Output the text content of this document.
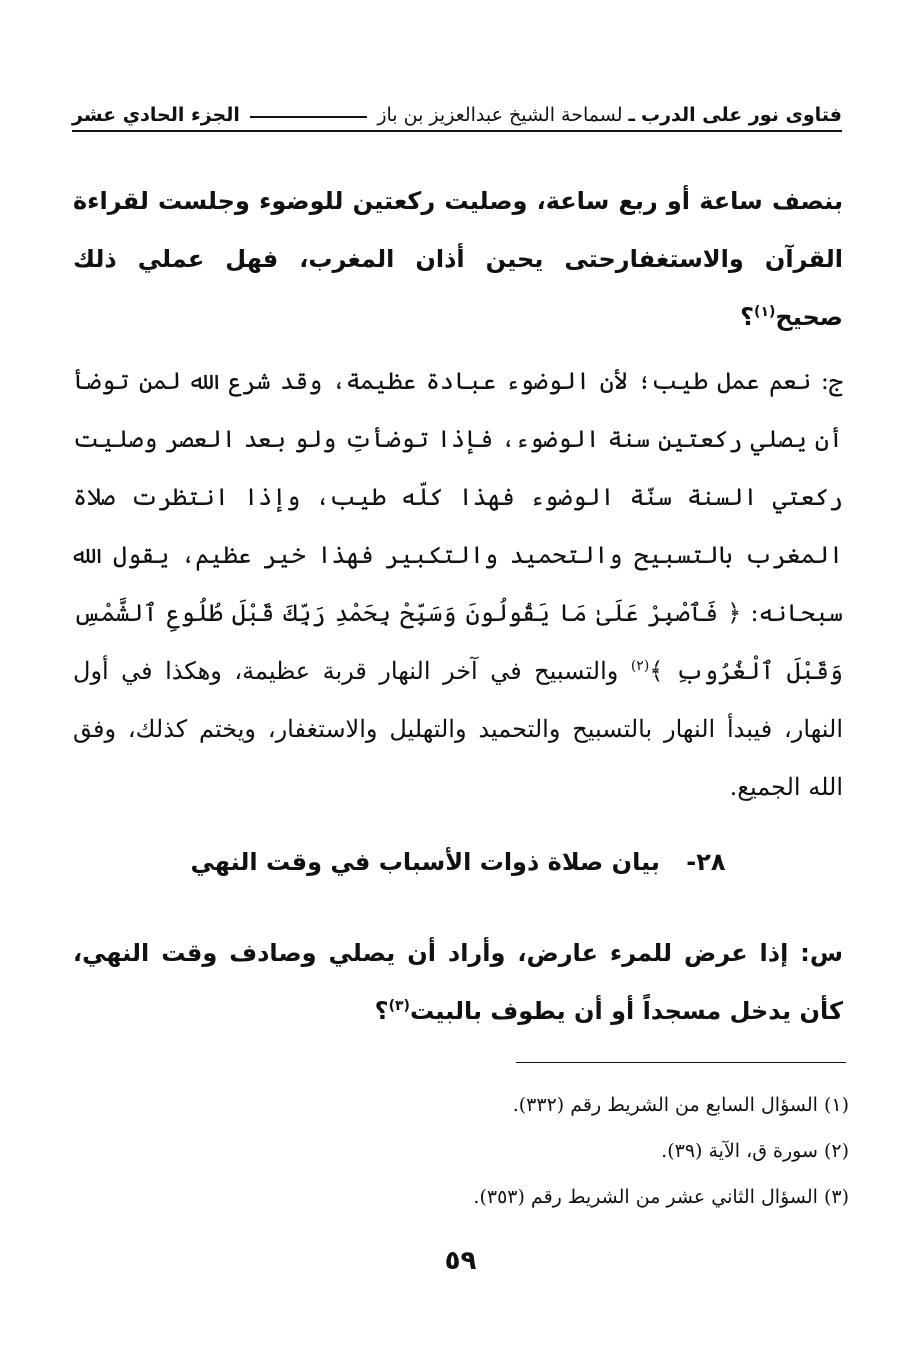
فتاوى نور على الدرب
ـ
لسماحة الشيخ عبدالعزيز بن باز
الجزء الحادي عشر
بنصف ساعة أو ربع ساعة، وصليت ركعتين للوضوء وجلست لقراءة القرآن والاستغفارحتى يحين أذان المغرب، فهل عملي ذلك صحيح$^{(١)}$؟
ج: نعم عمل طيب؛ لأن الوضوء عبادة عظيمة، وقد شرع الله لمن توضأ أن يصلي ركعتين سنة الوضوء، فإذا توضأتِ ولو بعد العصر وصليت ركعتي السنة سنّة الوضوء فهذا كلّه طيب، وإذا انتظرت صلاة المغرب بالتسبيح والتحميد والتكبير فهذا خير عظيم، يقول الله سبحانه: ﴿ فَٱصْبِرْ عَلَىٰ مَا يَقُولُونَ وَسَبِّحْ بِحَمْدِ رَبِّكَ قَبْلَ طُلُوعِ ٱلشَّمْسِ وَقَبْلَ ٱلْغُرُوبِ ﴾$^{(٢)}$ والتسبيح في آخر النهار قربة عظيمة، وهكذا في أول النهار، فيبدأ النهار بالتسبيح والتحميد والتهليل والاستغفار، ويختم كذلك، وفق الله الجميع.
٢٨- بيان صلاة ذوات الأسباب في وقت النهي
س: إذا عرض للمرء عارض، وأراد أن يصلي وصادف وقت النهي، كأن يدخل مسجداً أو أن يطوف بالبيت$^{(٣)}$؟
(١) السؤال السابع من الشريط رقم (٣٣٢).
(٢) سورة ق، الآية (٣٩).
(٣) السؤال الثاني عشر من الشريط رقم (٣٥٣).
٥٩
